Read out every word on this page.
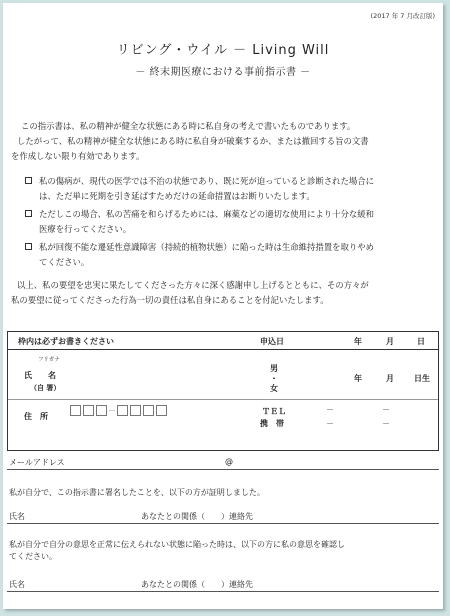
(2017 年 7 月改訂版)
リビング・ウイル － Living Will
－ 終末期医療における事前指示書 －
この指示書は、私の精神が健全な状態にある時に私自身の考えで書いたものであります。
したがって、私の精神が健全な状態にある時に私自身が破棄するか、または撤回する旨の文書
を作成しない限り有効であります。
私の傷病が、現代の医学では不治の状態であり、既に死が迫っていると診断された場合に
は、ただ単に死期を引き延ばすためだけの延命措置はお断りいたします。
ただしこの場合、私の苦痛を和らげるためには、麻薬などの適切な使用により十分な緩和
医療を行ってください。
私が回復不能な遷延性意識障害（持続的植物状態）に陥った時は生命維持措置を取りやめ
てください。
以上、私の要望を忠実に果たしてくださった方々に深く感謝申し上げるとともに、その方々が
私の要望に従ってくださった行為一切の責任は私自身にあることを付記いたします。
枠内は必ずお書きください	申込日	年	月	日
フリガナ
氏　　名
（自 署）
男
・
女
年	月	日生
住　所
－	ＴＥＬ	－	－
携　帯	－	－
メールアドレス	@
私が自分で、この指示書に署名したことを、以下の方が証明しました。
氏名	あなたとの関係（　　）連絡先
私が自分で自分の意思を正常に伝えられない状態に陥った時は、以下の方に私の意思を確認し
てください。
氏名	あなたとの関係（　　）連絡先
